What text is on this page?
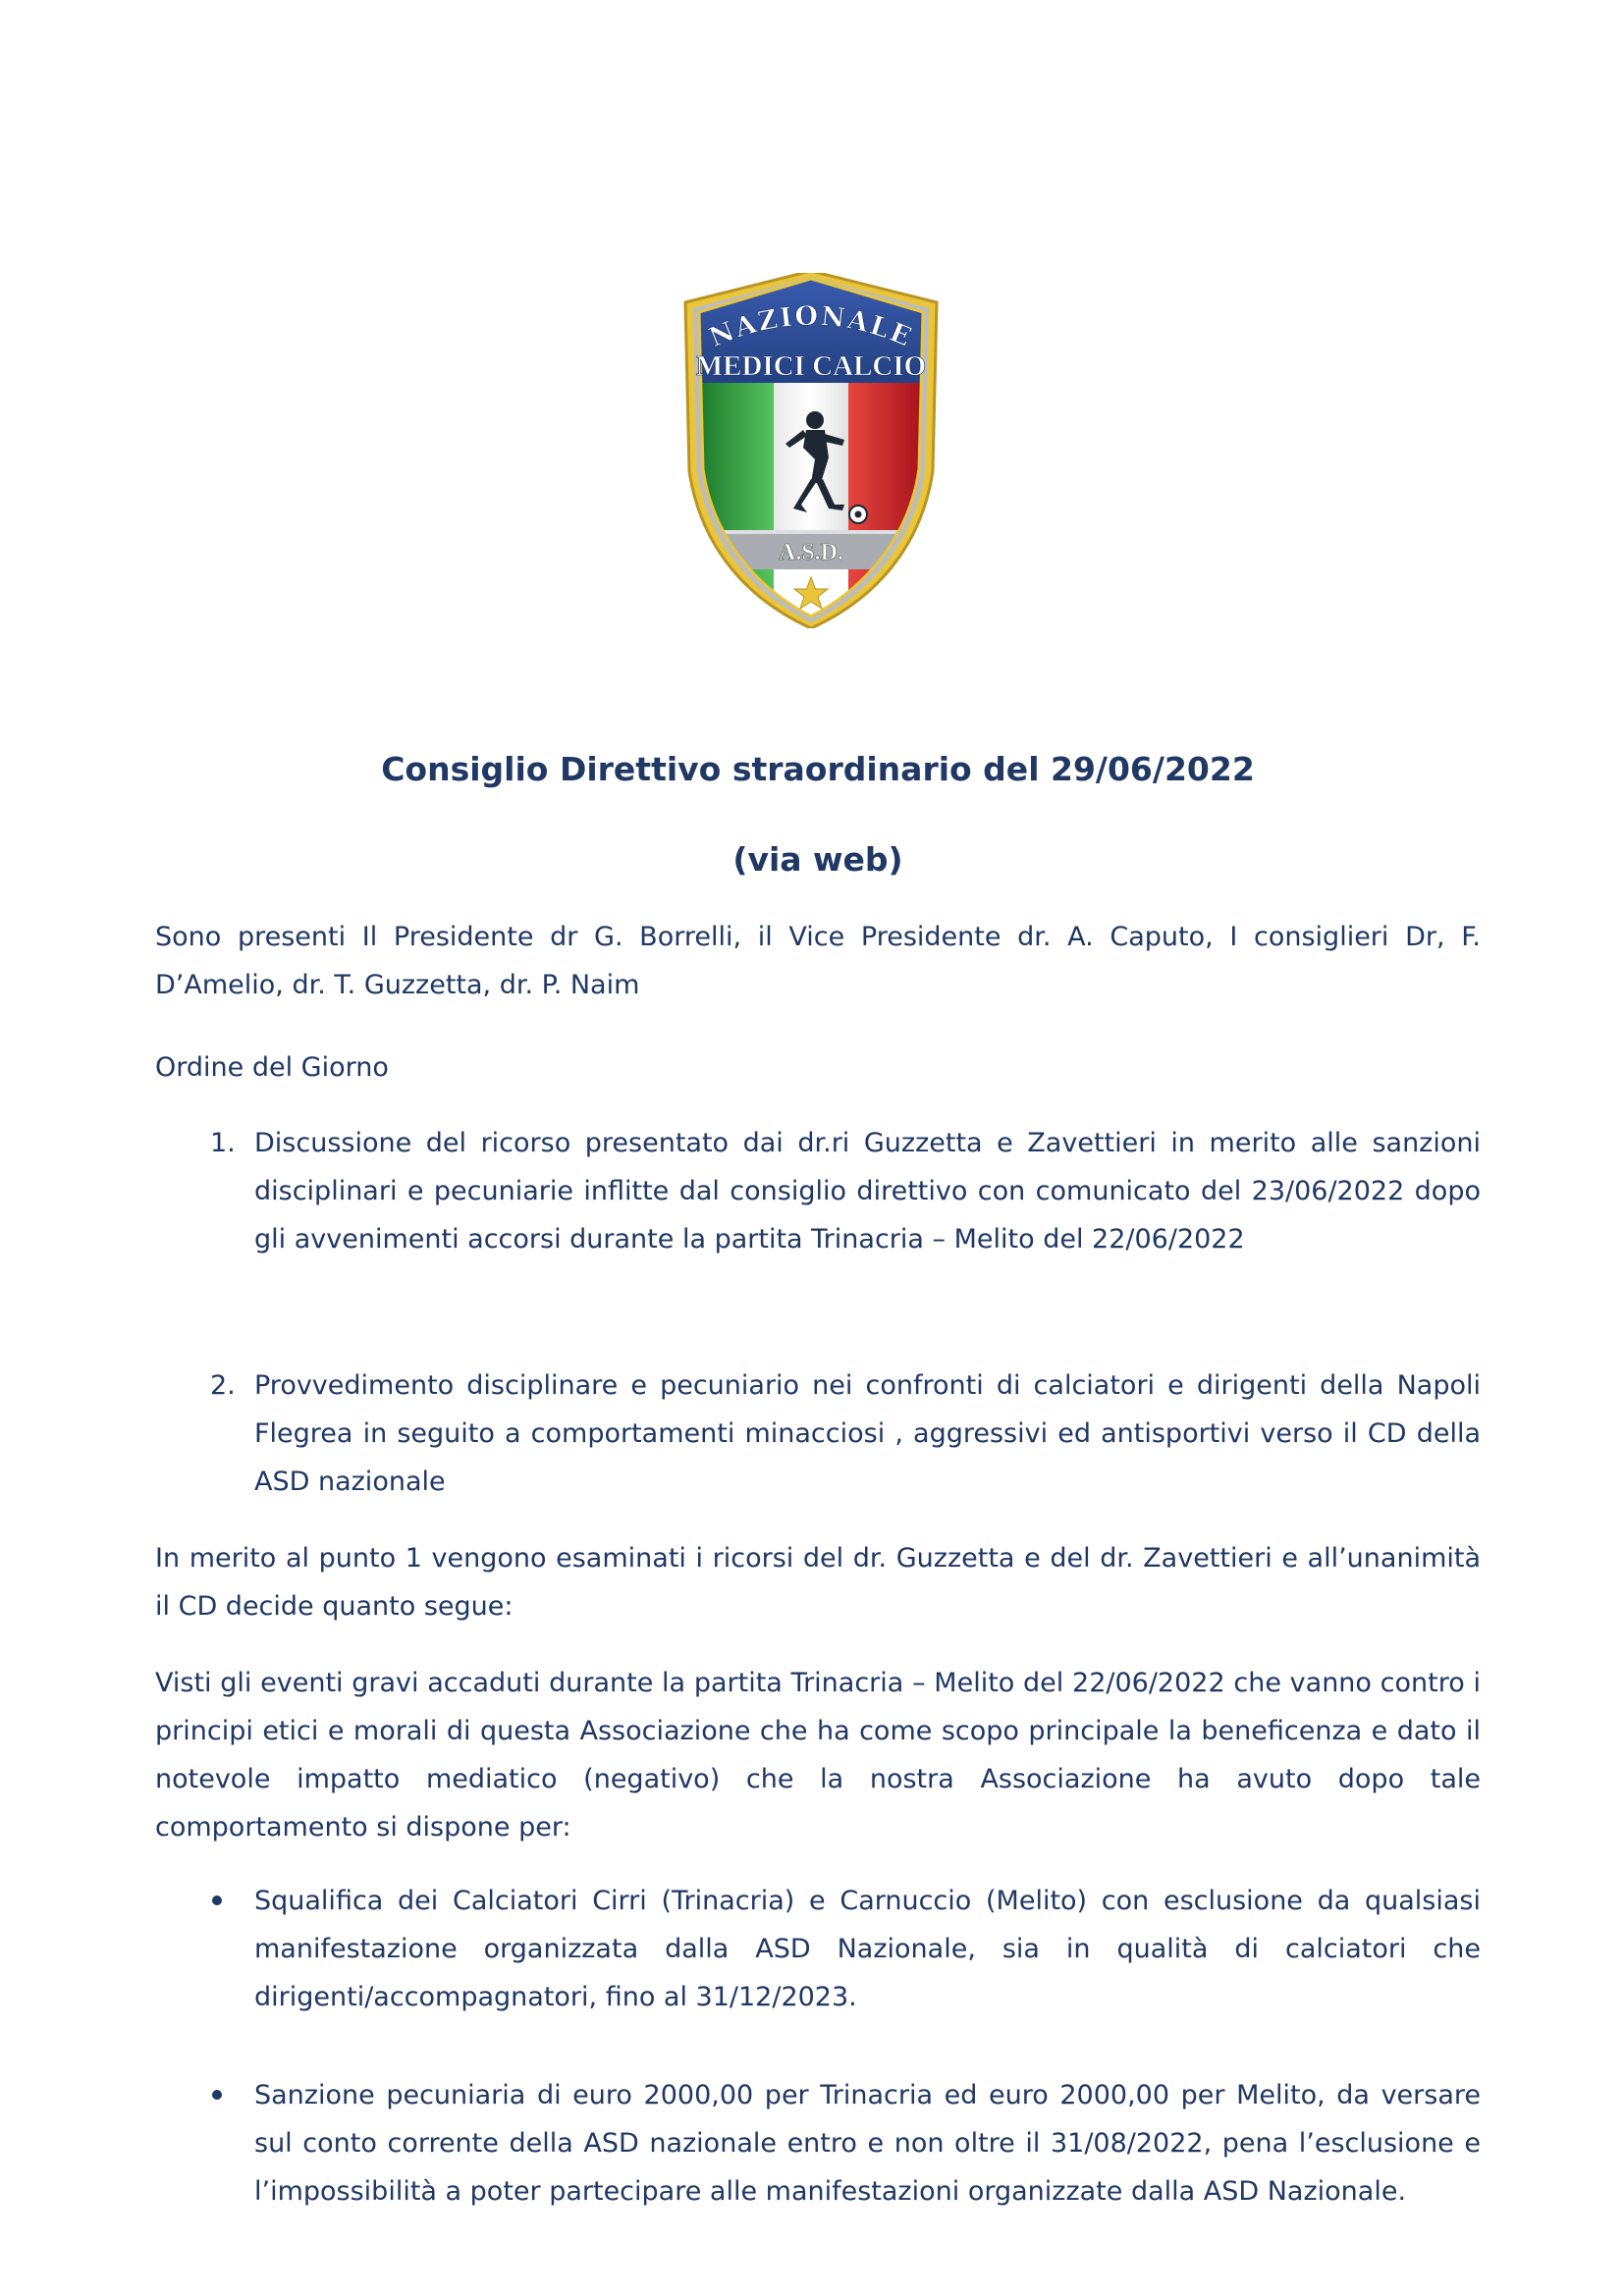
NAZIONALE
MEDICI CALCIO
A.S.D.
Consiglio Direttivo straordinario del 29/06/2022
(via web)

Sono presenti Il Presidente dr G. Borrelli, il Vice Presidente dr. A. Caputo, I consiglieri Dr, F. D’Amelio, dr. T. Guzzetta, dr. P. Naim

Ordine del Giorno

1. Discussione del ricorso presentato dai dr.ri Guzzetta e Zavettieri in merito alle sanzioni disciplinari e pecuniarie inflitte dal consiglio direttivo con comunicato del 23/06/2022 dopo gli avvenimenti accorsi durante la partita Trinacria – Melito del 22/06/2022
2. Provvedimento disciplinare e pecuniario nei confronti di calciatori e dirigenti della Napoli Flegrea in seguito a comportamenti minacciosi , aggressivi ed antisportivi verso il CD della ASD nazionale

In merito al punto 1 vengono esaminati i ricorsi del dr. Guzzetta e del dr. Zavettieri e all’unanimità il CD decide quanto segue:

Visti gli eventi gravi accaduti durante la partita Trinacria – Melito del 22/06/2022 che vanno contro i principi etici e morali di questa Associazione che ha come scopo principale la beneficenza e dato il notevole impatto mediatico (negativo) che la nostra Associazione ha avuto dopo tale comportamento si dispone per:

Squalifica dei Calciatori Cirri (Trinacria) e Carnuccio (Melito) con esclusione da qualsiasi manifestazione organizzata dalla ASD Nazionale, sia in qualità di calciatori che dirigenti/accompagnatori, fino al 31/12/2023.
Sanzione pecuniaria di euro 2000,00 per Trinacria ed euro 2000,00 per Melito, da versare sul conto corrente della ASD nazionale entro e non oltre il 31/08/2022, pena l’esclusione e l’impossibilità a poter partecipare alle manifestazioni organizzate dalla ASD Nazionale.
